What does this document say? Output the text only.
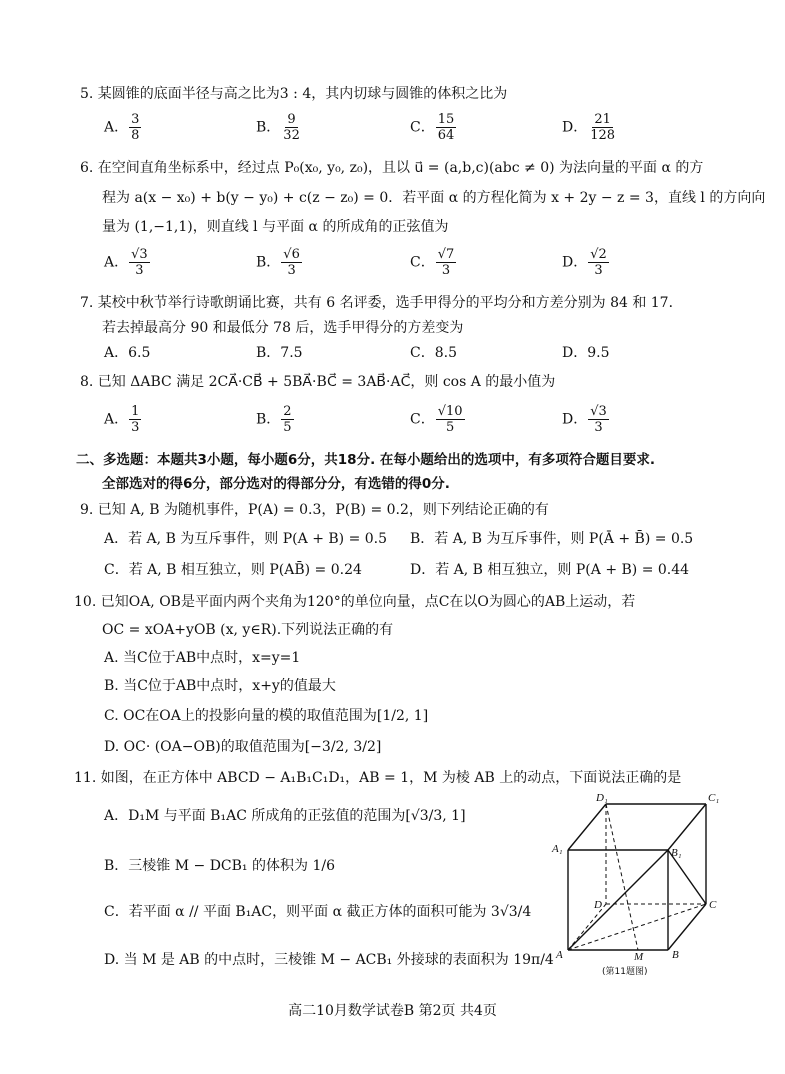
5. 某圆锥的底面半径与高之比为3 : 4，其内切球与圆锥的体积之比为
A． $\frac{3}{8}$	B． $\frac{9}{32}$	C． $\frac{15}{64}$	D． $\frac{21}{128}$
6. 在空间直角坐标系中，经过点 P₀(x₀, y₀, z₀)，且以 u⃗ = (a,b,c)(abc ≠ 0) 为法向量的平面 α 的方
程为 a(x − x₀) + b(y − y₀) + c(z − z₀) = 0．若平面 α 的方程化简为 x + 2y − z = 3，直线 l 的方向向
量为 (1,−1,1)，则直线 l 与平面 α 的所成角的正弦值为
A． $\frac{√3}{3}$	B． $\frac{√6}{3}$	C． $\frac{√7}{3}$	D． $\frac{√2}{3}$
7. 某校中秋节举行诗歌朗诵比赛，共有 6 名评委，选手甲得分的平均分和方差分别为 84 和 17．
若去掉最高分 90 和最低分 78 后，选手甲得分的方差变为
A．6.5	B．7.5	C．8.5	D．9.5
8. 已知 ΔABC 满足 2CA⃗·CB⃗ + 5BA⃗·BC⃗ = 3AB⃗·AC⃗，则 cos A 的最小值为
A． $\frac{1}{3}$	B． $\frac{2}{5}$	C． $\frac{√10}{5}$	D． $\frac{√3}{3}$
二、多选题：本题共3小题，每小题6分，共18分. 在每小题给出的选项中，有多项符合题目要求.
全部选对的得6分，部分选对的得部分分，有选错的得0分.
9. 已知 A, B 为随机事件，P(A) = 0.3，P(B) = 0.2，则下列结论正确的有
A．若 A, B 为互斥事件，则 P(A + B) = 0.5 B．若 A, B 为互斥事件，则 P(Ā + B̄) = 0.5
C．若 A, B 相互独立，则 P(AB̄) = 0.24	D．若 A, B 相互独立，则 P(A + B) = 0.44
10. 已知OA, OB是平面内两个夹角为120°的单位向量，点C在以O为圆心的AB上运动，若
OC = xOA+yOB (x, y∈R).下列说法正确的有
A. 当C位于AB中点时，x=y=1
B. 当C位于AB中点时，x+y的值最大
C. OC在OA上的投影向量的模的取值范围为[1/2, 1]
D. OC· (OA−OB)的取值范围为[−3/2, 3/2]
11. 如图，在正方体中 ABCD − A₁B₁C₁D₁，AB = 1，M 为棱 AB 上的动点，下面说法正确的是
A．D₁M 与平面 B₁AC 所成角的正弦值的范围为[√3/3, 1]
B．三棱锥 M − DCB₁ 的体积为 1/6
C．若平面 α // 平面 B₁AC，则平面 α 截正方体的面积可能为 3√3/4
D. 当 M 是 AB 的中点时，三棱锥 M − ACB₁ 外接球的表面积为 19π/4
D₁	C₁
A₁	B₁
D	C
A	M	B
(第11题图)
高二10月数学试卷B 第2页 共4页
